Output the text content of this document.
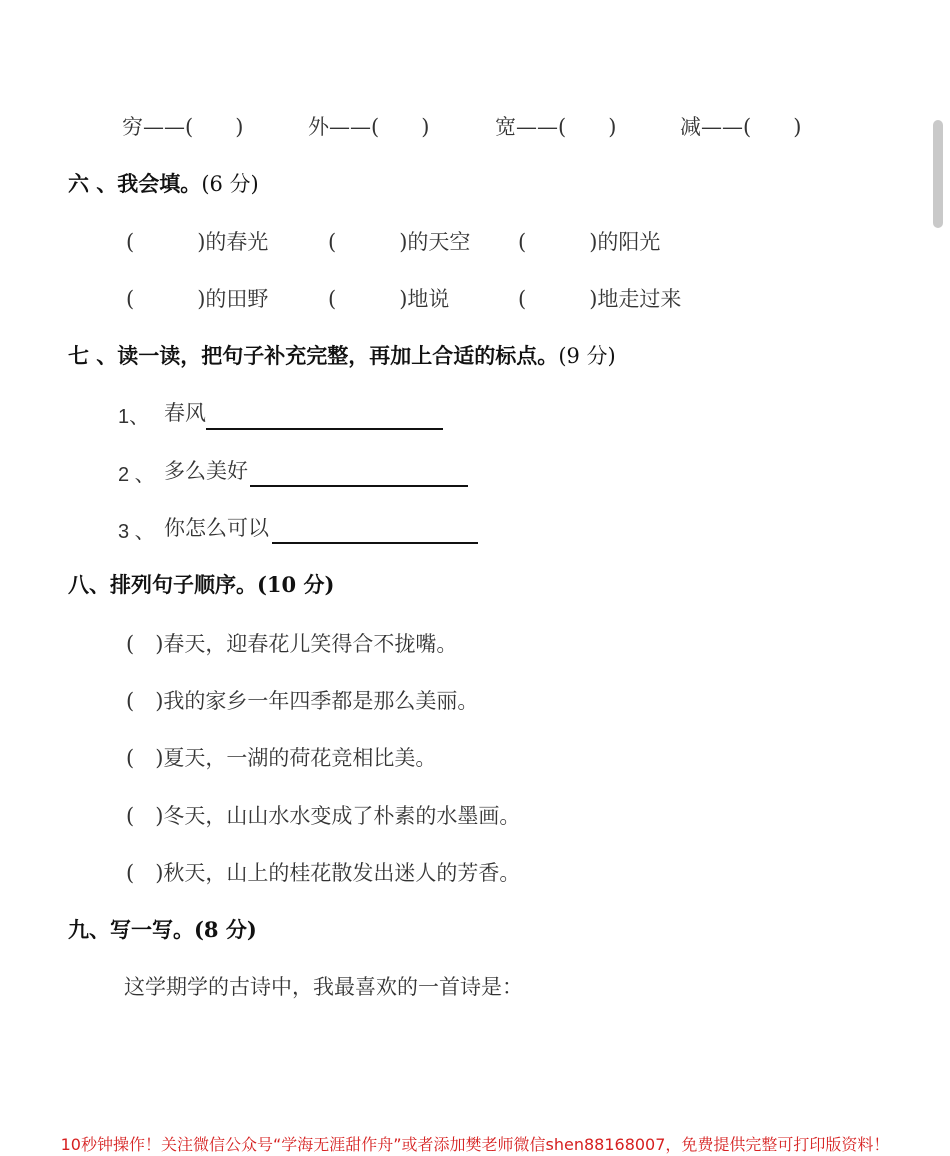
穷——(　　)	外——(　　)	宽——(　　)	减——(　　)
六 、我会填。(6 分)
(　　　)的春光	(　　　)的天空 (　　　)的阳光
(　　　)的田野	(　　　)地说	(　　　)地走过来
七 、读一读，把句子补充完整，再加上合适的标点。(9 分)
1、 春风
2 、 多么美好
3 、 你怎么可以
八、排列句子顺序。(10 分)
(　)春天，迎春花儿笑得合不拢嘴。
(　)我的家乡一年四季都是那么美丽。
(　)夏天，一湖的荷花竞相比美。
(　)冬天，山山水水变成了朴素的水墨画。
(　)秋天，山上的桂花散发出迷人的芳香。
九、写一写。(8 分)
这学期学的古诗中，我最喜欢的一首诗是：
10秒钟操作！关注微信公众号“学海无涯甜作舟”或者添加樊老师微信shen88168007，免费提供完整可打印版资料！
